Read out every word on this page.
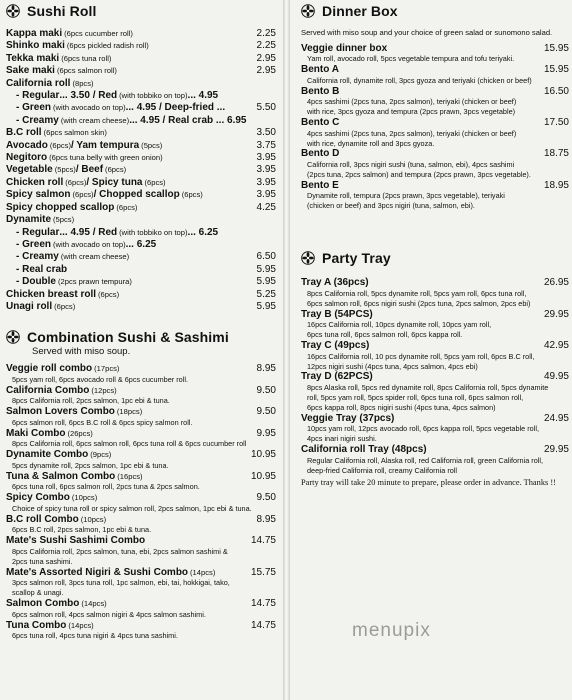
Sushi Roll
Kappa maki (6pcs cucumber roll)	2.25
Shinko maki (6pcs pickled radish roll)	2.25
Tekka maki (6pcs tuna roll)	2.95
Sake maki (6pcs salmon roll)	2.95
California roll (8pcs)
- Regular ... 3.50 / Red (with tobbiko on top) ... 4.95
- Green (with avocado on top) ... 4.95 / Deep-fried ...	5.50
- Creamy (with cream cheese) ... 4.95 / Real crab ... 6.95
B.C roll (6pcs salmon skin)	3.50
Avocado (6pcs) / Yam tempura (5pcs)	3.75
Negitoro (6pcs tuna belly with green onion)	3.95
Vegetable (5pcs) / Beef (6pcs)	3.95
Chicken roll (6pcs) / Spicy tuna (6pcs)	3.95
Spicy salmon (6pcs) / Chopped scallop (6pcs)	3.95
Spicy chopped scallop (6pcs)	4.25
Dynamite (5pcs)
- Regular ... 4.95 / Red (with tobbiko on top) ... 6.25
- Green (with avocado on top) ... 6.25
- Creamy (with cream cheese)	6.50
- Real crab	5.95
- Double (2pcs prawn tempura)	5.95
Chicken breast roll (6pcs)	5.25
Unagi roll (6pcs)	5.95
Combination Sushi & Sashimi
Served with miso soup.
Veggie roll combo (17pcs)	8.95
5pcs yam roll, 6pcs avocado roll & 6pcs cucumber roll.
California Combo (12pcs)	9.50
8pcs California roll, 2pcs salmon, 1pc ebi & tuna.
Salmon Lovers Combo (18pcs)	9.50
6pcs salmon roll, 6pcs B.C roll & 6pcs spicy salmon roll.
Maki Combo (26pcs)	9.95
8pcs California roll, 6pcs salmon roll, 6pcs tuna roll & 6pcs cucumber roll
Dynamite Combo (9pcs)	10.95
5pcs dynamite roll, 2pcs salmon, 1pc ebi & tuna.
Tuna & Salmon Combo (16pcs)	10.95
6pcs tuna roll, 6pcs salmon roll, 2pcs tuna & 2pcs salmon.
Spicy Combo (10pcs)	9.50
Choice of spicy tuna roll or spicy salmon roll, 2pcs salmon, 1pc ebi & tuna.
B.C roll Combo (10pcs)	8.95
6pcs B.C roll, 2pcs salmon, 1pc ebi & tuna.
Mate's Sushi Sashimi Combo	14.75
8pcs California roll, 2pcs salmon, tuna, ebi, 2pcs salmon sashimi &
2pcs tuna sashimi.
Mate's Assorted Nigiri & Sushi Combo (14pcs)	15.75
3pcs salmon roll, 3pcs tuna roll, 1pc salmon, ebi, tai, hokkigai, tako,
scallop & unagi.
Salmon Combo (14pcs)	14.75
6pcs salmon roll, 4pcs salmon nigiri & 4pcs salmon sashimi.
Tuna Combo (14pcs)	14.75
6pcs tuna roll, 4pcs tuna nigiri & 4pcs tuna sashimi.
Dinner Box
Served with miso soup and your choice of green salad or sunomono salad.
Veggie dinner box	15.95
Yam roll, avocado roll, 5pcs vegetable tempura and tofu teriyaki.
Bento A	15.95
California roll, dynamite roll, 3pcs gyoza and teriyaki (chicken or beef)
Bento B	16.50
4pcs sashimi (2pcs tuna, 2pcs salmon), teriyaki (chicken or beef)
with rice, 3pcs gyoza and tempura (2pcs prawn, 3pcs vegetable)
Bento C	17.50
4pcs sashimi (2pcs tuna, 2pcs salmon), teriyaki (chicken or beef)
with rice, dynamite roll and 3pcs gyoza.
Bento D	18.75
California roll, 3pcs nigiri sushi (tuna, salmon, ebi), 4pcs sashimi
(2pcs tuna, 2pcs salmon) and tempura (2pcs prawn, 3pcs vegetable).
Bento E	18.95
Dynamite roll, tempura (2pcs prawn, 3pcs vegetable), teriyaki
(chicken or beef) and 3pcs nigiri (tuna, salmon, ebi).
Party Tray
Tray A (36pcs)	26.95
8pcs California roll, 5pcs dynamite roll, 5pcs yam roll, 6pcs tuna roll,
6pcs salmon roll, 6pcs nigiri sushi (2pcs tuna, 2pcs salmon, 2pcs ebi)
Tray B (54PCS)	29.95
16pcs California roll, 10pcs dynamite roll, 10pcs yam roll,
6pcs tuna roll, 6pcs salmon roll, 6pcs kappa roll.
Tray C (49pcs)	42.95
16pcs California roll, 10 pcs dynamite roll, 5pcs yam roll, 6pcs B.C roll,
12pcs nigiri sushi (4pcs tuna, 4pcs salmon, 4pcs ebi)
Tray D (62PCS)	49.95
8pcs Alaska roll, 5pcs red dynamite roll, 8pcs California roll, 5pcs dynamite
roll, 5pcs yam roll, 5pcs spider roll, 6pcs tuna roll, 6pcs salmon roll,
6pcs kappa roll, 8pcs nigiri sushi (4pcs tuna, 4pcs salmon)
Veggie Tray (37pcs)	24.95
10pcs yam roll, 12pcs avocado roll, 6pcs kappa roll, 5pcs vegetable roll,
4pcs inari nigiri sushi.
California roll Tray (48pcs)	29.95
Regular California roll, Alaska roll, red California roll, green California roll,
deep-fried California roll, creamy California roll
Party tray will take 20 minute to prepare, please order in advance. Thanks !!
menupix
